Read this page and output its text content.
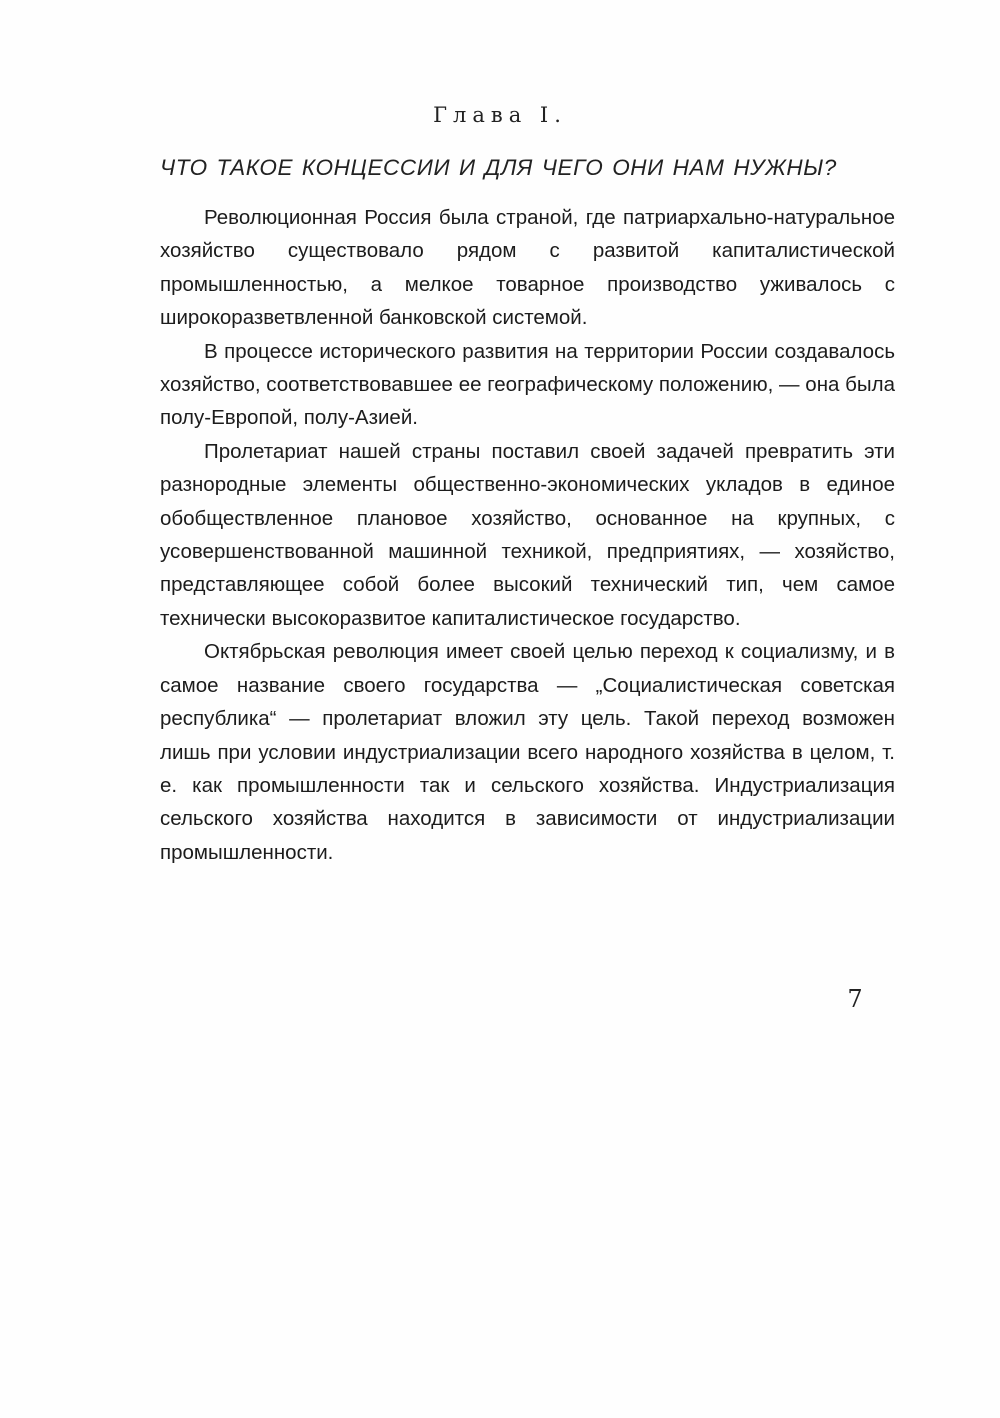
Глава I.
ЧТО ТАКОЕ КОНЦЕССИИ И ДЛЯ ЧЕГО ОНИ НАМ НУЖНЫ?

Революционная Россия была страной, где патриархально-натуральное хозяйство существовало рядом с развитой капиталистической промышленностью, а мелкое товарное производство уживалось с широкоразветвленной банковской системой.

В процессе исторического развития на территории России создавалось хозяйство, соответствовавшее ее географическому положению, — она была полу-Европой, полу-Азией.

Пролетариат нашей страны поставил своей задачей превратить эти разнородные элементы общественно-экономических укладов в единое обобществленное плановое хозяйство, основанное на крупных, с усовершенствованной машинной техникой, предприятиях, — хозяйство, представляющее собой более высокий технический тип, чем самое технически высокоразвитое капиталистическое государство.

Октябрьская революция имеет своей целью переход к социализму, и в самое название своего государства — „Социалистическая советская республика“ — пролетариат вложил эту цель. Такой переход возможен лишь при условии индустриализации всего народного хозяйства в целом, т. е. как промышленности так и сельского хозяйства. Индустриализация сельского хозяйства находится в зависимости от индустриализации промышленности.

7
